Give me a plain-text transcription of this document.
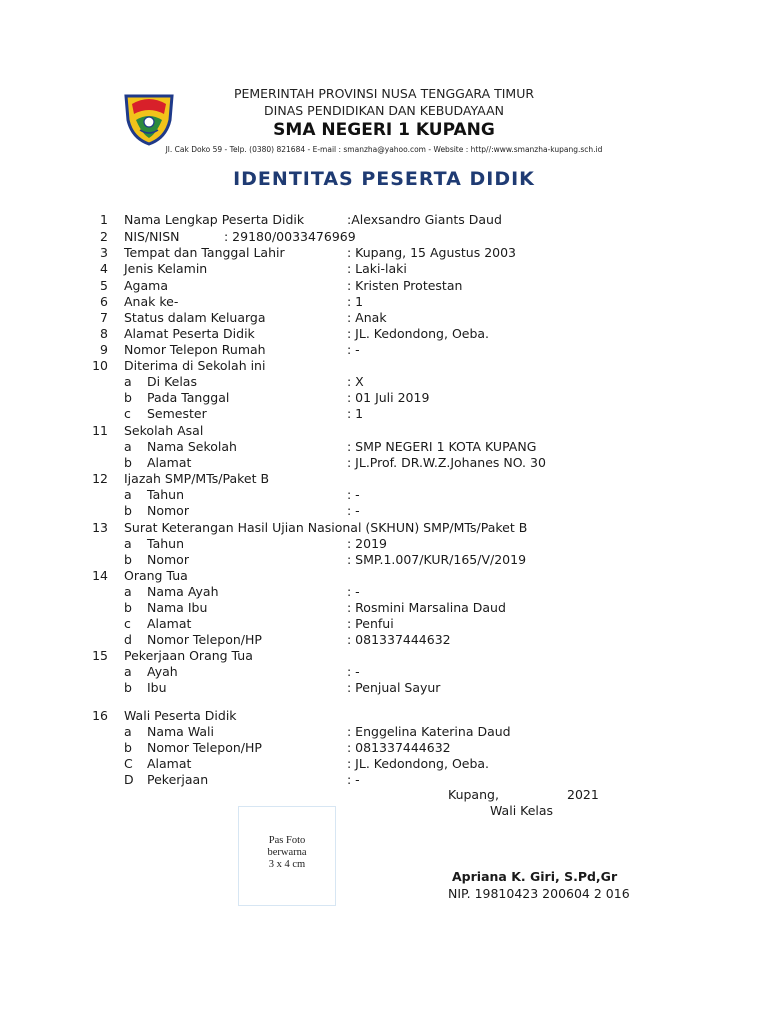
PEMERINTAH PROVINSI NUSA TENGGARA TIMUR
DINAS PENDIDIKAN DAN KEBUDAYAAN
SMA NEGERI 1 KUPANG
Jl. Cak Doko 59 - Telp. (0380) 821684 - E-mail : smanzha@yahoo.com - Website : http//:www.smanzha-kupang.sch.id
IDENTITAS PESERTA DIDIK
1 Nama Lengkap Peserta Didik	:Alexsandro Giants Daud
2 NIS/NISN	: 29180/0033476969
3 Tempat dan Tanggal Lahir	: Kupang, 15 Agustus 2003
4 Jenis Kelamin	: Laki-laki
5 Agama	: Kristen Protestan
6 Anak ke-	: 1
7 Status dalam Keluarga	: Anak
8 Alamat Peserta Didik	: JL. Kedondong, Oeba.
9 Nomor Telepon Rumah	: -
10 Diterima di Sekolah ini
a Di Kelas	: X
b Pada Tanggal	: 01 Juli 2019
c Semester	: 1
11 Sekolah Asal
a Nama Sekolah	: SMP NEGERI 1 KOTA KUPANG
b Alamat	: JL.Prof. DR.W.Z.Johanes NO. 30
12 Ijazah SMP/MTs/Paket B
a Tahun	: -
b Nomor	: -
13 Surat Keterangan Hasil Ujian Nasional (SKHUN) SMP/MTs/Paket B
a Tahun	: 2019
b Nomor	: SMP.1.007/KUR/165/V/2019
14 Orang Tua
a Nama Ayah	: -
b Nama Ibu	: Rosmini Marsalina Daud
c Alamat	: Penfui
d Nomor Telepon/HP	: 081337444632
15 Pekerjaan Orang Tua
a Ayah	: -
b Ibu	: Penjual Sayur
16 Wali Peserta Didik
a Nama Wali	: Enggelina Katerina Daud
b Nomor Telepon/HP	: 081337444632
C Alamat	: JL. Kedondong, Oeba.
D Pekerjaan	: -
Pas Foto
berwarna
3 x 4 cm
Kupang,	2021
Wali Kelas
Apriana K. Giri, S.Pd,Gr
NIP. 19810423 200604 2 016
